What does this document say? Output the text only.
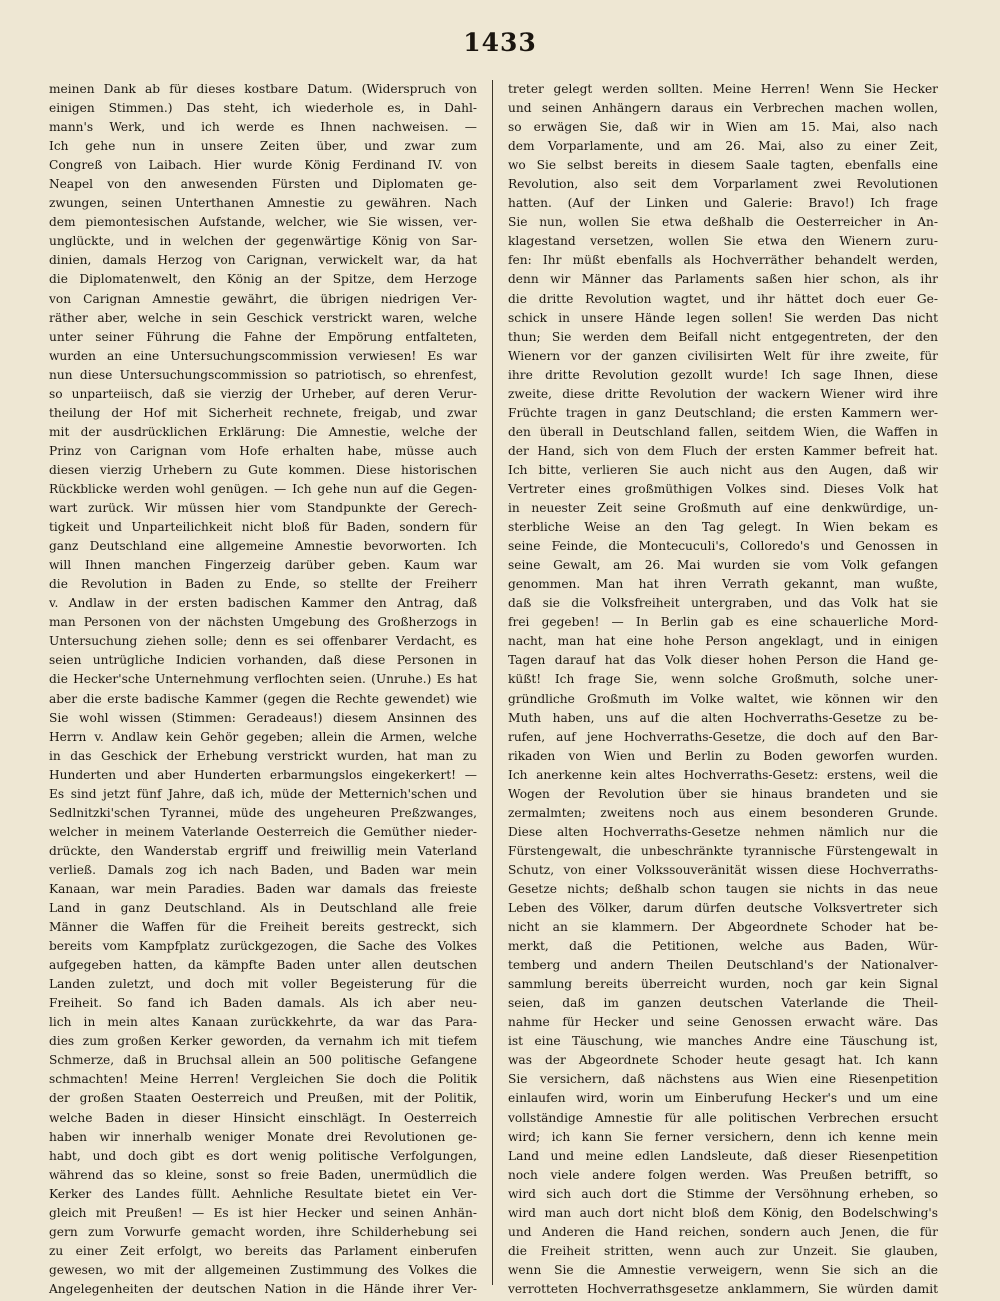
1433
meinen Dank ab für dieses kostbare Datum. (Widerspruch von
einigen Stimmen.) Das steht, ich wiederhole es, in Dahl-
mann's Werk, und ich werde es Ihnen nachweisen. —
Ich gehe nun in unsere Zeiten über, und zwar zum
Congreß von Laibach. Hier wurde König Ferdinand IV. von
Neapel von den anwesenden Fürsten und Diplomaten ge-
zwungen, seinen Unterthanen Amnestie zu gewähren. Nach
dem piemontesischen Aufstande, welcher, wie Sie wissen, ver-
unglückte, und in welchen der gegenwärtige König von Sar-
dinien, damals Herzog von Carignan, verwickelt war, da hat
die Diplomatenwelt, den König an der Spitze, dem Herzoge
von Carignan Amnestie gewährt, die übrigen niedrigen Ver-
räther aber, welche in sein Geschick verstrickt waren, welche
unter seiner Führung die Fahne der Empörung entfalteten,
wurden an eine Untersuchungscommission verwiesen! Es war
nun diese Untersuchungscommission so patriotisch, so ehrenfest,
so unparteiisch, daß sie vierzig der Urheber, auf deren Verur-
theilung der Hof mit Sicherheit rechnete, freigab, und zwar
mit der ausdrücklichen Erklärung: Die Amnestie, welche der
Prinz von Carignan vom Hofe erhalten habe, müsse auch
diesen vierzig Urhebern zu Gute kommen. Diese historischen
Rückblicke werden wohl genügen. — Ich gehe nun auf die Gegen-
wart zurück. Wir müssen hier vom Standpunkte der Gerech-
tigkeit und Unparteilichkeit nicht bloß für Baden, sondern für
ganz Deutschland eine allgemeine Amnestie bevorworten. Ich
will Ihnen manchen Fingerzeig darüber geben. Kaum war
die Revolution in Baden zu Ende, so stellte der Freiherr
v. Andlaw in der ersten badischen Kammer den Antrag, daß
man Personen von der nächsten Umgebung des Großherzogs in
Untersuchung ziehen solle; denn es sei offenbarer Verdacht, es
seien untrügliche Indicien vorhanden, daß diese Personen in
die Hecker'sche Unternehmung verflochten seien. (Unruhe.) Es hat
aber die erste badische Kammer (gegen die Rechte gewendet) wie
Sie wohl wissen (Stimmen: Geradeaus!) diesem Ansinnen des
Herrn v. Andlaw kein Gehör gegeben; allein die Armen, welche
in das Geschick der Erhebung verstrickt wurden, hat man zu
Hunderten und aber Hunderten erbarmungslos eingekerkert! —
Es sind jetzt fünf Jahre, daß ich, müde der Metternich'schen und
Sedlnitzki'schen Tyrannei, müde des ungeheuren Preßzwanges,
welcher in meinem Vaterlande Oesterreich die Gemüther nieder-
drückte, den Wanderstab ergriff und freiwillig mein Vaterland
verließ. Damals zog ich nach Baden, und Baden war mein
Kanaan, war mein Paradies. Baden war damals das freieste
Land in ganz Deutschland. Als in Deutschland alle freie
Männer die Waffen für die Freiheit bereits gestreckt, sich
bereits vom Kampfplatz zurückgezogen, die Sache des Volkes
aufgegeben hatten, da kämpfte Baden unter allen deutschen
Landen zuletzt, und doch mit voller Begeisterung für die
Freiheit. So fand ich Baden damals. Als ich aber neu-
lich in mein altes Kanaan zurückkehrte, da war das Para-
dies zum großen Kerker geworden, da vernahm ich mit tiefem
Schmerze, daß in Bruchsal allein an 500 politische Gefangene
schmachten! Meine Herren! Vergleichen Sie doch die Politik
der großen Staaten Oesterreich und Preußen, mit der Politik,
welche Baden in dieser Hinsicht einschlägt. In Oesterreich
haben wir innerhalb weniger Monate drei Revolutionen ge-
habt, und doch gibt es dort wenig politische Verfolgungen,
während das so kleine, sonst so freie Baden, unermüdlich die
Kerker des Landes füllt. Aehnliche Resultate bietet ein Ver-
gleich mit Preußen! — Es ist hier Hecker und seinen Anhän-
gern zum Vorwurfe gemacht worden, ihre Schilderhebung sei
zu einer Zeit erfolgt, wo bereits das Parlament einberufen
gewesen, wo mit der allgemeinen Zustimmung des Volkes die
Angelegenheiten der deutschen Nation in die Hände ihrer Ver-
treter gelegt werden sollten. Meine Herren! Wenn Sie Hecker
und seinen Anhängern daraus ein Verbrechen machen wollen,
so erwägen Sie, daß wir in Wien am 15. Mai, also nach
dem Vorparlamente, und am 26. Mai, also zu einer Zeit,
wo Sie selbst bereits in diesem Saale tagten, ebenfalls eine
Revolution, also seit dem Vorparlament zwei Revolutionen
hatten. (Auf der Linken und Galerie: Bravo!) Ich frage
Sie nun, wollen Sie etwa deßhalb die Oesterreicher in An-
klagestand versetzen, wollen Sie etwa den Wienern zuru-
fen: Ihr müßt ebenfalls als Hochverräther behandelt werden,
denn wir Männer das Parlaments saßen hier schon, als ihr
die dritte Revolution wagtet, und ihr hättet doch euer Ge-
schick in unsere Hände legen sollen! Sie werden Das nicht
thun; Sie werden dem Beifall nicht entgegentreten, der den
Wienern vor der ganzen civilisirten Welt für ihre zweite, für
ihre dritte Revolution gezollt wurde! Ich sage Ihnen, diese
zweite, diese dritte Revolution der wackern Wiener wird ihre
Früchte tragen in ganz Deutschland; die ersten Kammern wer-
den überall in Deutschland fallen, seitdem Wien, die Waffen in
der Hand, sich von dem Fluch der ersten Kammer befreit hat.
Ich bitte, verlieren Sie auch nicht aus den Augen, daß wir
Vertreter eines großmüthigen Volkes sind. Dieses Volk hat
in neuester Zeit seine Großmuth auf eine denkwürdige, un-
sterbliche Weise an den Tag gelegt. In Wien bekam es
seine Feinde, die Montecuculi's, Colloredo's und Genossen in
seine Gewalt, am 26. Mai wurden sie vom Volk gefangen
genommen. Man hat ihren Verrath gekannt, man wußte,
daß sie die Volksfreiheit untergraben, und das Volk hat sie
frei gegeben! — In Berlin gab es eine schauerliche Mord-
nacht, man hat eine hohe Person angeklagt, und in einigen
Tagen darauf hat das Volk dieser hohen Person die Hand ge-
küßt! Ich frage Sie, wenn solche Großmuth, solche uner-
gründliche Großmuth im Volke waltet, wie können wir den
Muth haben, uns auf die alten Hochverraths-Gesetze zu be-
rufen, auf jene Hochverraths-Gesetze, die doch auf den Bar-
rikaden von Wien und Berlin zu Boden geworfen wurden.
Ich anerkenne kein altes Hochverraths-Gesetz: erstens, weil die
Wogen der Revolution über sie hinaus brandeten und sie
zermalmten; zweitens noch aus einem besonderen Grunde.
Diese alten Hochverraths-Gesetze nehmen nämlich nur die
Fürstengewalt, die unbeschränkte tyrannische Fürstengewalt in
Schutz, von einer Volkssouveränität wissen diese Hochverraths-
Gesetze nichts; deßhalb schon taugen sie nichts in das neue
Leben des Völker, darum dürfen deutsche Volksvertreter sich
nicht an sie klammern. Der Abgeordnete Schoder hat be-
merkt, daß die Petitionen, welche aus Baden, Wür-
temberg und andern Theilen Deutschland's der Nationalver-
sammlung bereits überreicht wurden, noch gar kein Signal
seien, daß im ganzen deutschen Vaterlande die Theil-
nahme für Hecker und seine Genossen erwacht wäre. Das
ist eine Täuschung, wie manches Andre eine Täuschung ist,
was der Abgeordnete Schoder heute gesagt hat. Ich kann
Sie versichern, daß nächstens aus Wien eine Riesenpetition
einlaufen wird, worin um Einberufung Hecker's und um eine
vollständige Amnestie für alle politischen Verbrechen ersucht
wird; ich kann Sie ferner versichern, denn ich kenne mein
Land und meine edlen Landsleute, daß dieser Riesenpetition
noch viele andere folgen werden. Was Preußen betrifft, so
wird sich auch dort die Stimme der Versöhnung erheben, so
wird man auch dort nicht bloß dem König, den Bodelschwing's
und Anderen die Hand reichen, sondern auch Jenen, die für
die Freiheit stritten, wenn auch zur Unzeit. Sie glauben,
wenn Sie die Amnestie verweigern, wenn Sie sich an die
verrotteten Hochverrathsgesetze anklammern, Sie würden damit
